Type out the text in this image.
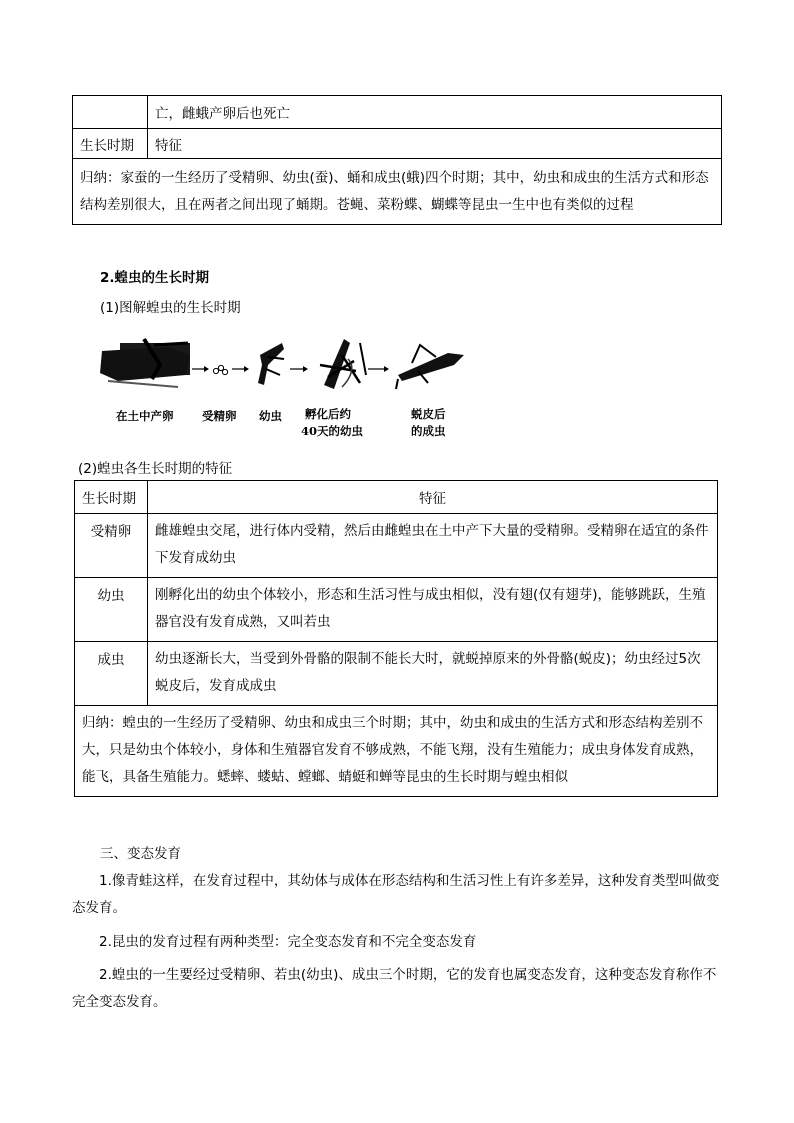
	亡，雌蛾产卵后也死亡
生长时期	特征
归纳：家蚕的一生经历了受精卵、幼虫(蚕)、蛹和成虫(蛾)四个时期；其中，幼虫和成虫的生活方式和形态结构差别很大，且在两者之间出现了蛹期。苍蝇、菜粉蝶、蝴蝶等昆虫一生中也有类似的过程	
2.蝗虫的生长时期
(1)图解蝗虫的生长时期
在土中产卵 受精卵 幼虫 孵化后约
40天的幼虫
蜕皮后
的成虫
(2)蝗虫各生长时期的特征
生长时期	特征
受精卵	雌雄蝗虫交尾，进行体内受精，然后由雌蝗虫在土中产下大量的受精卵。受精卵在适宜的条件下发育成幼虫
幼虫	刚孵化出的幼虫个体较小，形态和生活习性与成虫相似，没有翅(仅有翅芽)，能够跳跃，生殖器官没有发育成熟，又叫若虫
成虫	幼虫逐渐长大，当受到外骨骼的限制不能长大时，就蜕掉原来的外骨骼(蜕皮)；幼虫经过5次蜕皮后，发育成成虫
归纳：蝗虫的一生经历了受精卵、幼虫和成虫三个时期；其中，幼虫和成虫的生活方式和形态结构差别不大，只是幼虫个体较小，身体和生殖器官发育不够成熟，不能飞翔，没有生殖能力；成虫身体发育成熟，能飞，具备生殖能力。蟋蟀、蝼蛄、螳螂、蜻蜓和蝉等昆虫的生长时期与蝗虫相似	
三、变态发育
1.像青蛙这样，在发育过程中，其幼体与成体在形态结构和生活习性上有许多差异，这种发育类型叫做变态发育。
2.昆虫的发育过程有两种类型：完全变态发育和不完全变态发育
2.蝗虫的一生要经过受精卵、若虫(幼虫)、成虫三个时期，它的发育也属变态发育，这种变态发育称作不完全变态发育。
